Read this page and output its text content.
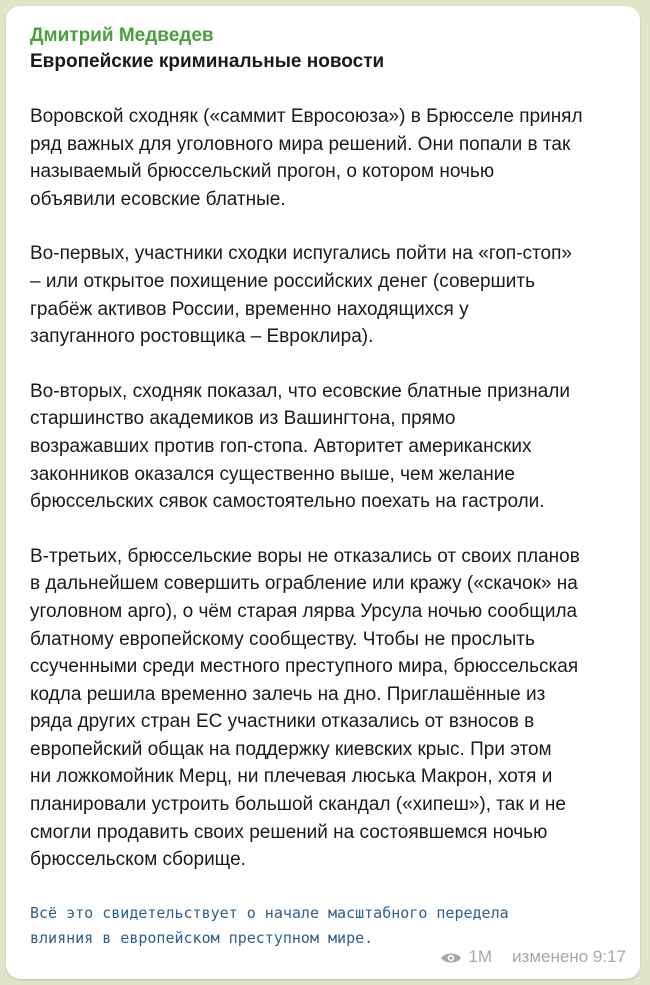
Дмитрий Медведев
Европейские криминальные новости
Воровской сходняк («саммит Евросоюза») в Брюсселе принял
ряд важных для уголовного мира решений. Они попали в так
называемый брюссельский прогон, о котором ночью
объявили есовские блатные.
Во-первых, участники сходки испугались пойти на «гоп-стоп»
– или открытое похищение российских денег (совершить
грабёж активов России, временно находящихся у
запуганного ростовщика – Евроклира).
Во-вторых, сходняк показал, что есовские блатные признали
старшинство академиков из Вашингтона, прямо
возражавших против гоп-стопа. Авторитет американских
законников оказался существенно выше, чем желание
брюссельских сявок самостоятельно поехать на гастроли.
В-третьих, брюссельские воры не отказались от своих планов
в дальнейшем совершить ограбление или кражу («скачок» на
уголовном арго), о чём старая лярва Урсула ночью сообщила
блатному европейскому сообществу. Чтобы не прослыть
ссученными среди местного преступного мира, брюссельская
кодла решила временно залечь на дно. Приглашённые из
ряда других стран ЕС участники отказались от взносов в
европейский общак на поддержку киевских крыс. При этом
ни ложкомойник Мерц, ни плечевая люська Макрон, хотя и
планировали устроить большой скандал («хипеш»), так и не
смогли продавить своих решений на состоявшемся ночью
брюссельском сборище.
Всё это свидетельствует о начале масштабного передела
влияния в европейском преступном мире.
1M изменено 9:17
